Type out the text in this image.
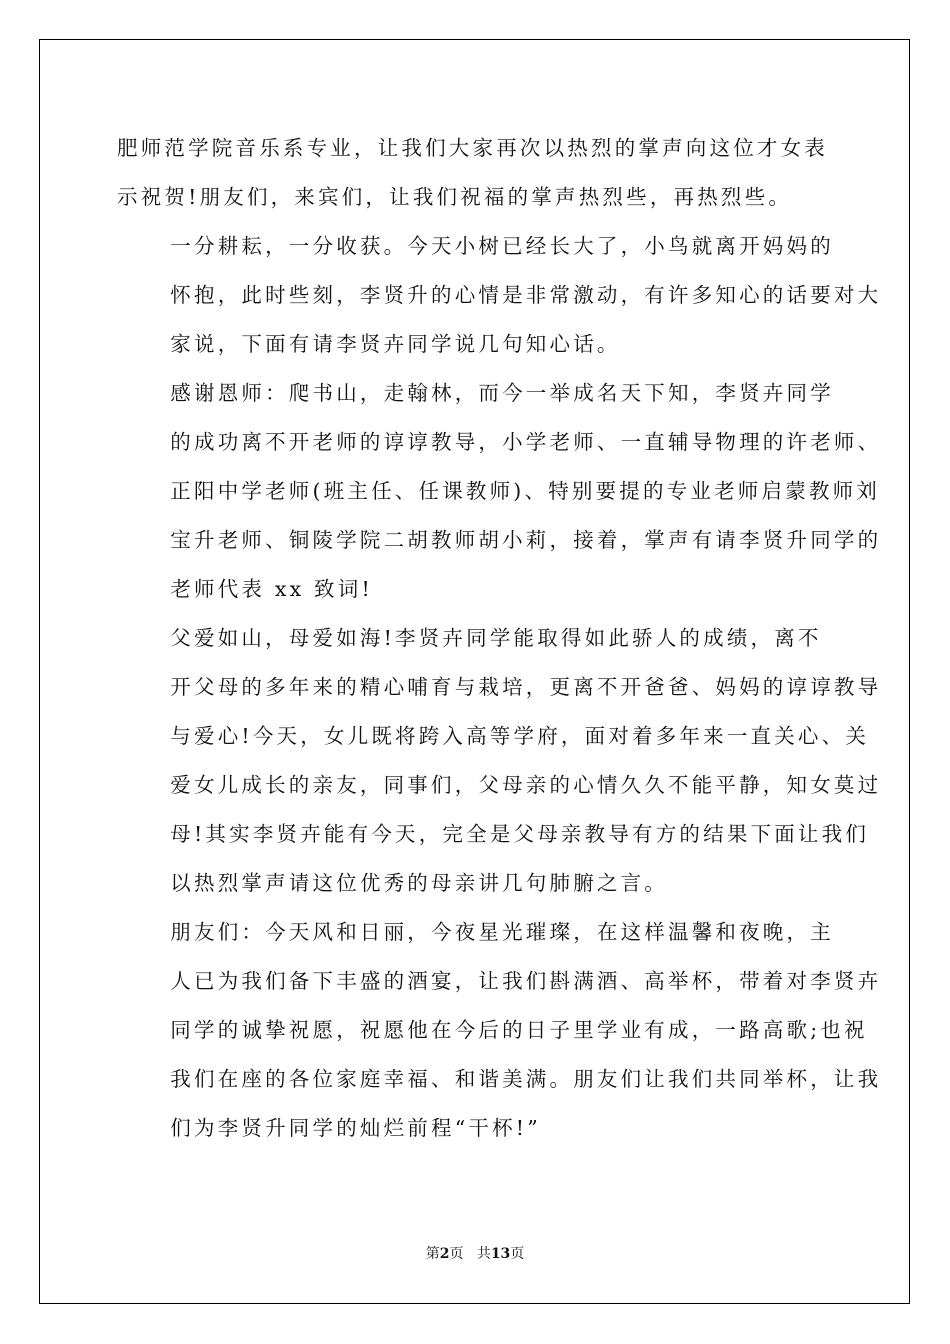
肥师范学院音乐系专业，让我们大家再次以热烈的掌声向这位才女表
示祝贺!朋友们，来宾们，让我们祝福的掌声热烈些，再热烈些。

一分耕耘，一分收获。今天小树已经长大了，小鸟就离开妈妈的
怀抱，此时些刻，李贤升的心情是非常激动，有许多知心的话要对大
家说，下面有请李贤卉同学说几句知心话。

感谢恩师：爬书山，走翰林，而今一举成名天下知，李贤卉同学
的成功离不开老师的谆谆教导，小学老师、一直辅导物理的许老师、
正阳中学老师(班主任、任课教师)、特别要提的专业老师启蒙教师刘
宝升老师、铜陵学院二胡教师胡小莉，接着，掌声有请李贤升同学的
老师代表 xx 致词!

父爱如山，母爱如海!李贤卉同学能取得如此骄人的成绩，离不
开父母的多年来的精心哺育与栽培，更离不开爸爸、妈妈的谆谆教导
与爱心!今天，女儿既将跨入高等学府，面对着多年来一直关心、关
爱女儿成长的亲友，同事们，父母亲的心情久久不能平静，知女莫过
母!其实李贤卉能有今天，完全是父母亲教导有方的结果下面让我们
以热烈掌声请这位优秀的母亲讲几句肺腑之言。

朋友们：今天风和日丽，今夜星光璀璨，在这样温馨和夜晚，主
人已为我们备下丰盛的酒宴，让我们斟满酒、高举杯，带着对李贤卉
同学的诚挚祝愿，祝愿他在今后的日子里学业有成，一路高歌;也祝
我们在座的各位家庭幸福、和谐美满。朋友们让我们共同举杯，让我
们为李贤升同学的灿烂前程“干杯!”

第2页 共13页
